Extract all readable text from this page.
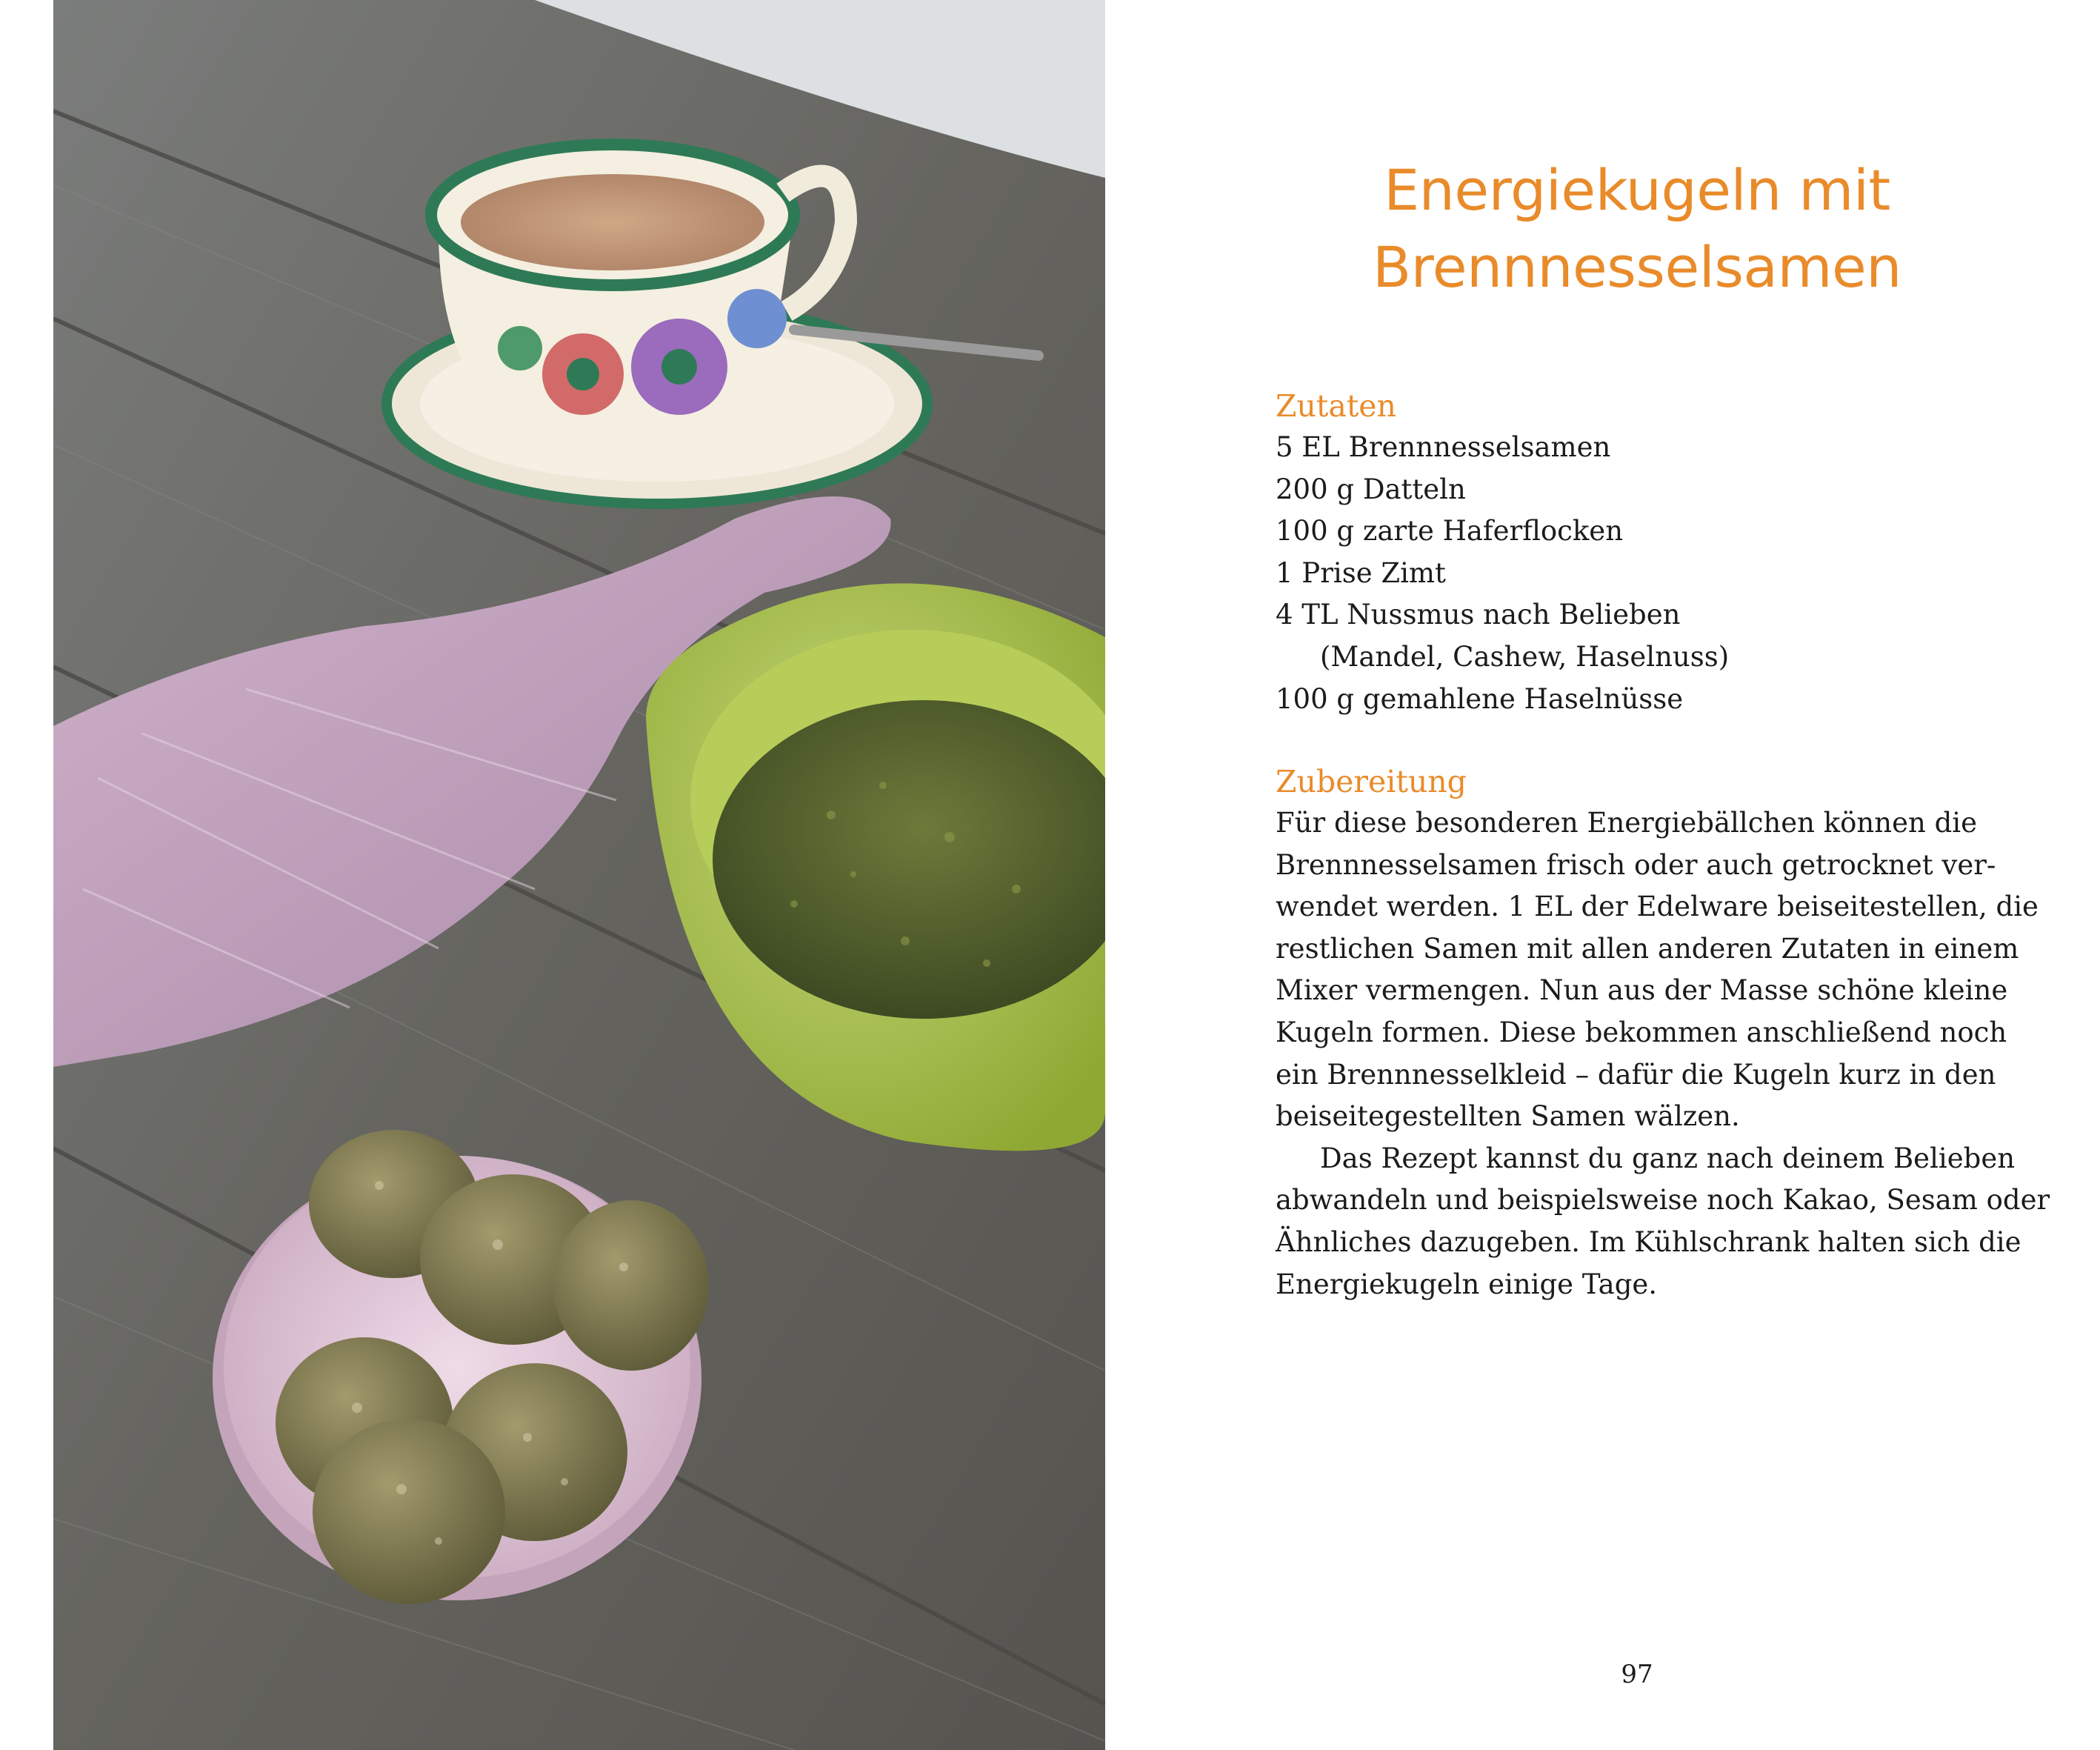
Energiekugeln mit
Brennnesselsamen
Zutaten
5 EL Brennnesselsamen
200 g Datteln
100 g zarte Haferflocken
1 Prise Zimt
4 TL Nussmus nach Belieben
(Mandel, Cashew, Haselnuss)
100 g gemahlene Haselnüsse
Zubereitung
Für diese besonderen Energiebällchen können die
Brennnesselsamen frisch oder auch getrocknet ver-
wendet werden. 1 EL der Edelware beiseitestellen, die
restlichen Samen mit allen anderen Zutaten in einem
Mixer vermengen. Nun aus der Masse schöne kleine
Kugeln formen. Diese bekommen anschließend noch
ein Brennnesselkleid – dafür die Kugeln kurz in den
beiseitegestellten Samen wälzen.
Das Rezept kannst du ganz nach deinem Belieben
abwandeln und beispielsweise noch Kakao, Sesam oder
Ähnliches dazugeben. Im Kühlschrank halten sich die
Energiekugeln einige Tage.
97
